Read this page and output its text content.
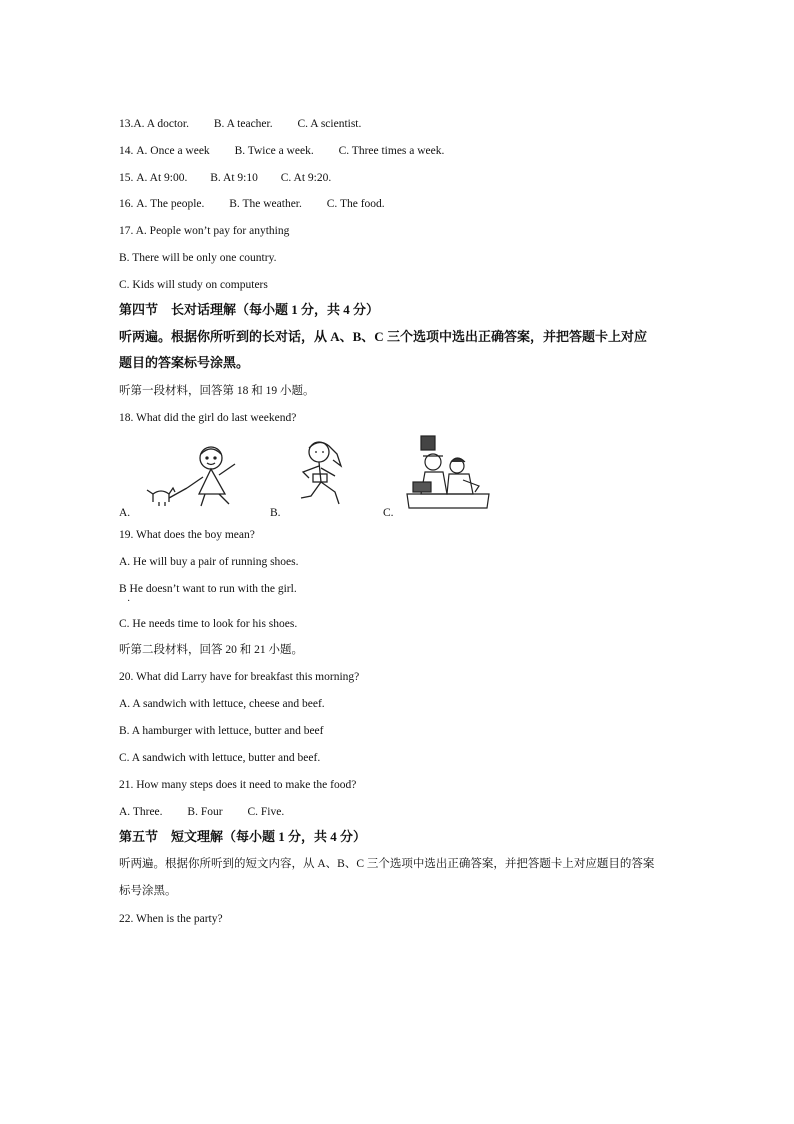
13.A. A doctor. B. A teacher. C. A scientist.
14. A. Once a week B. Twice a week. C. Three times a week.
15. A. At 9:00. B. At 9:10 C. At 9:20.
16. A. The people. B. The weather. C. The food.
17. A. People won’t pay for anything
B. There will be only one country.
C. Kids will study on computers
第四节　长对话理解（每小题 1 分，共 4 分）
听两遍。根据你所听到的长对话，从 A、B、C 三个选项中选出正确答案，并把答题卡上对应
题目的答案标号涂黑。
听第一段材料，回答第 18 和 19 小题。
18. What did the girl do last weekend?
A.	B.	C.
19. What does the boy mean?
A. He will buy a pair of running shoes.
B He doesn’t want to run with the girl.
·
C. He needs time to look for his shoes.
听第二段材料，回答 20 和 21 小题。
20. What did Larry have for breakfast this morning?
A. A sandwich with lettuce, cheese and beef.
B. A hamburger with lettuce, butter and beef
C. A sandwich with lettuce, butter and beef.
21. How many steps does it need to make the food?
A. Three. B. Four C. Five.
第五节　短文理解（每小题 1 分，共 4 分）
听两遍。根据你所听到的短文内容，从 A、B、C 三个选项中选出正确答案，并把答题卡上对应题目的答案
标号涂黑。
22. When is the party?
